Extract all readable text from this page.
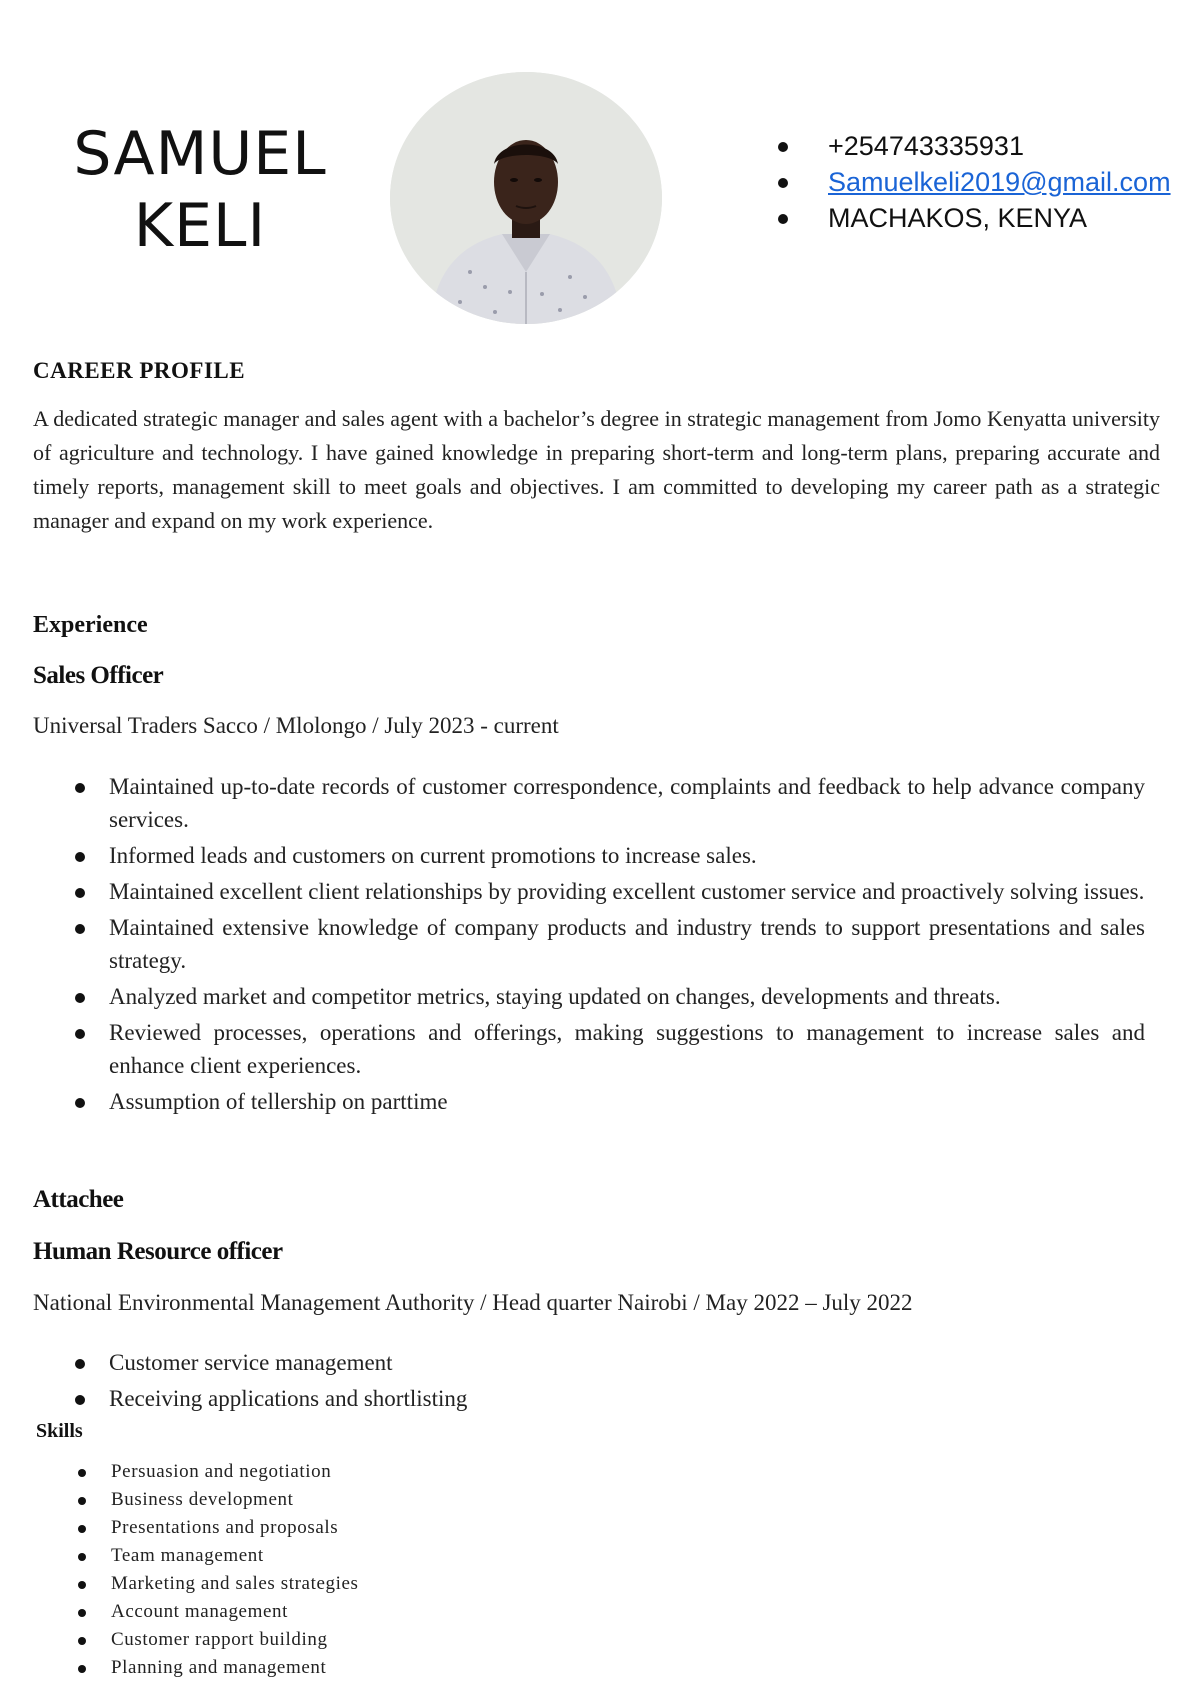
SAMUEL
KELI
+254743335931
Samuelkeli2019@gmail.com
MACHAKOS, KENYA
CAREER PROFILE
A dedicated strategic manager and sales agent with a bachelor’s degree in strategic management from Jomo Kenyatta university of agriculture and technology. I have gained knowledge in preparing short-term and long-term plans, preparing accurate and timely reports, management skill to meet goals and objectives. I am committed to developing my career path as a strategic manager and expand on my work experience.
Experience
Sales Officer
Universal Traders Sacco / Mlolongo / July 2023 - current
Maintained up-to-date records of customer correspondence, complaints and feedback to help advance company services.
Informed leads and customers on current promotions to increase sales.
Maintained excellent client relationships by providing excellent customer service and proactively solving issues.
Maintained extensive knowledge of company products and industry trends to support presentations and sales strategy.
Analyzed market and competitor metrics, staying updated on changes, developments and threats.
Reviewed processes, operations and offerings, making suggestions to management to increase sales and enhance client experiences.
Assumption of tellership on parttime
Attachee
Human Resource officer
National Environmental Management Authority / Head quarter Nairobi / May 2022 – July 2022
Customer service management
Receiving applications and shortlisting
Skills
Persuasion and negotiation
Business development
Presentations and proposals
Team management
Marketing and sales strategies
Account management
Customer rapport building
Planning and management
